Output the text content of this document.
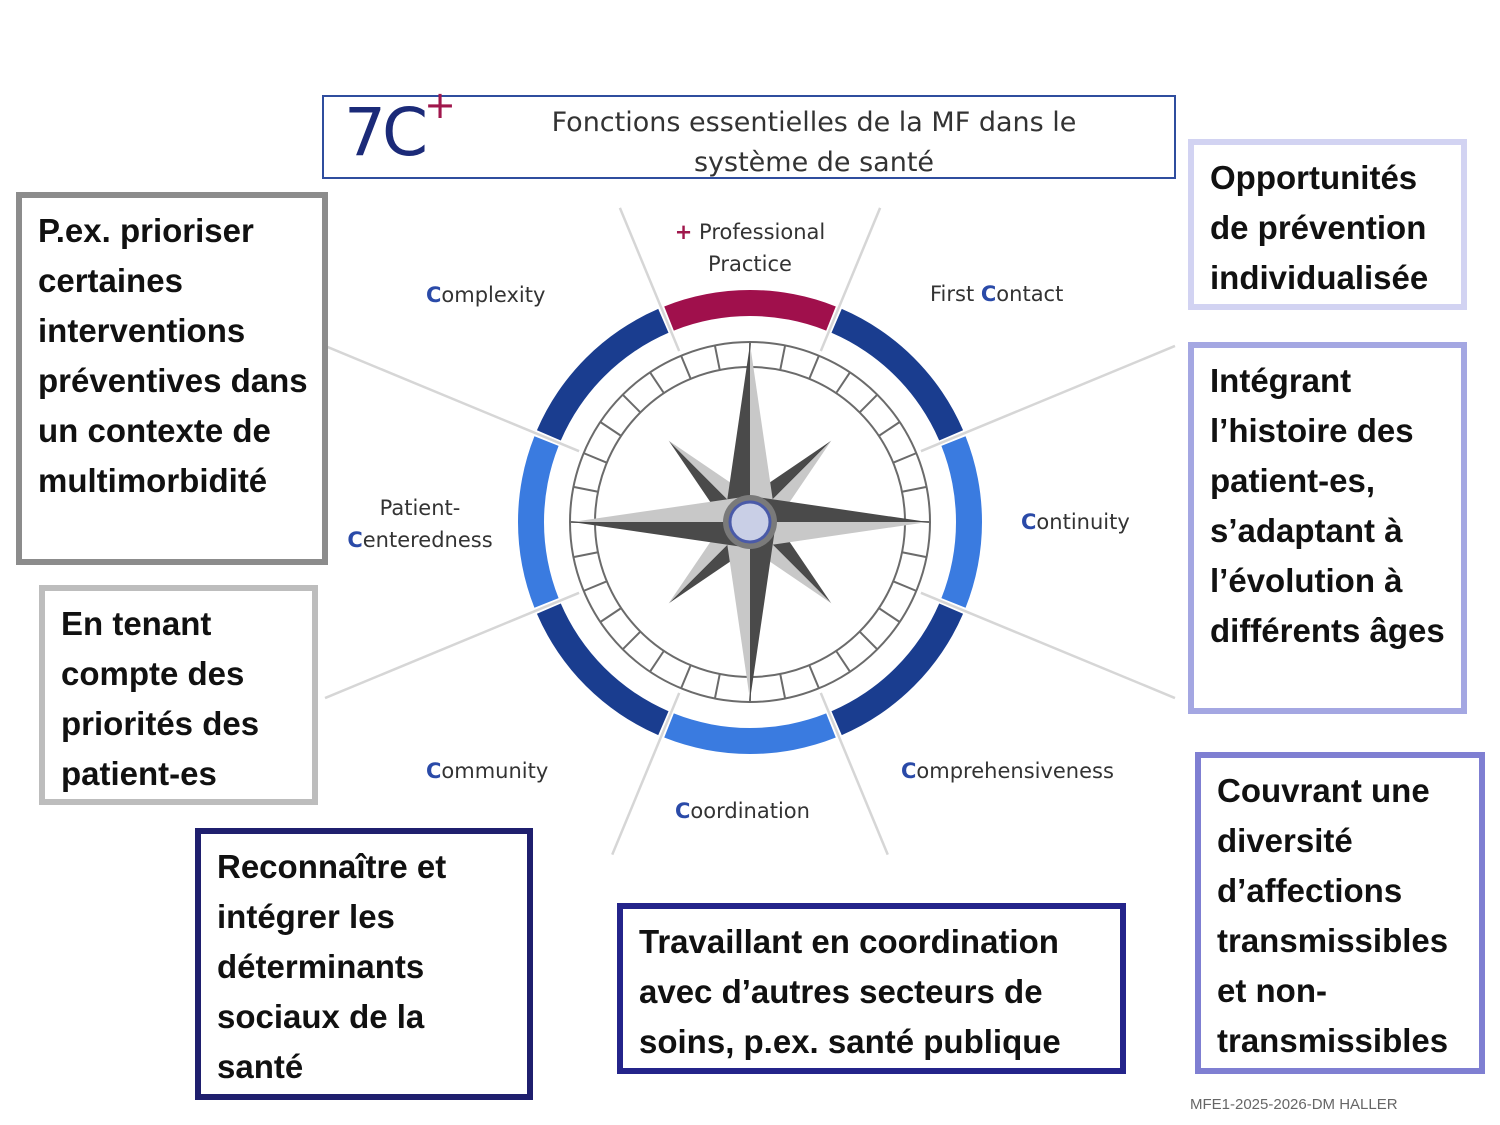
7C+	Fonctions essentielles de la MF dans le
système de santé
+ Professional
Practice
First Contact
Continuity
Comprehensiveness
Coordination
Community
Patient-
Centeredness
Complexity
P.ex. prioriser certaines interventions préventives dans un contexte de multimorbidité
En tenant compte des priorités des patient-es
Reconnaître et intégrer les déterminants sociaux de la santé
Travaillant en coordination avec d’autres secteurs de soins, p.ex. santé publique
Opportunités de prévention individualisée
Intégrant l’histoire des patient-es, s’adaptant à l’évolution à différents âges
Couvrant une diversité d’affections transmissibles et non-transmissibles
MFE1-2025-2026-DM HALLER
